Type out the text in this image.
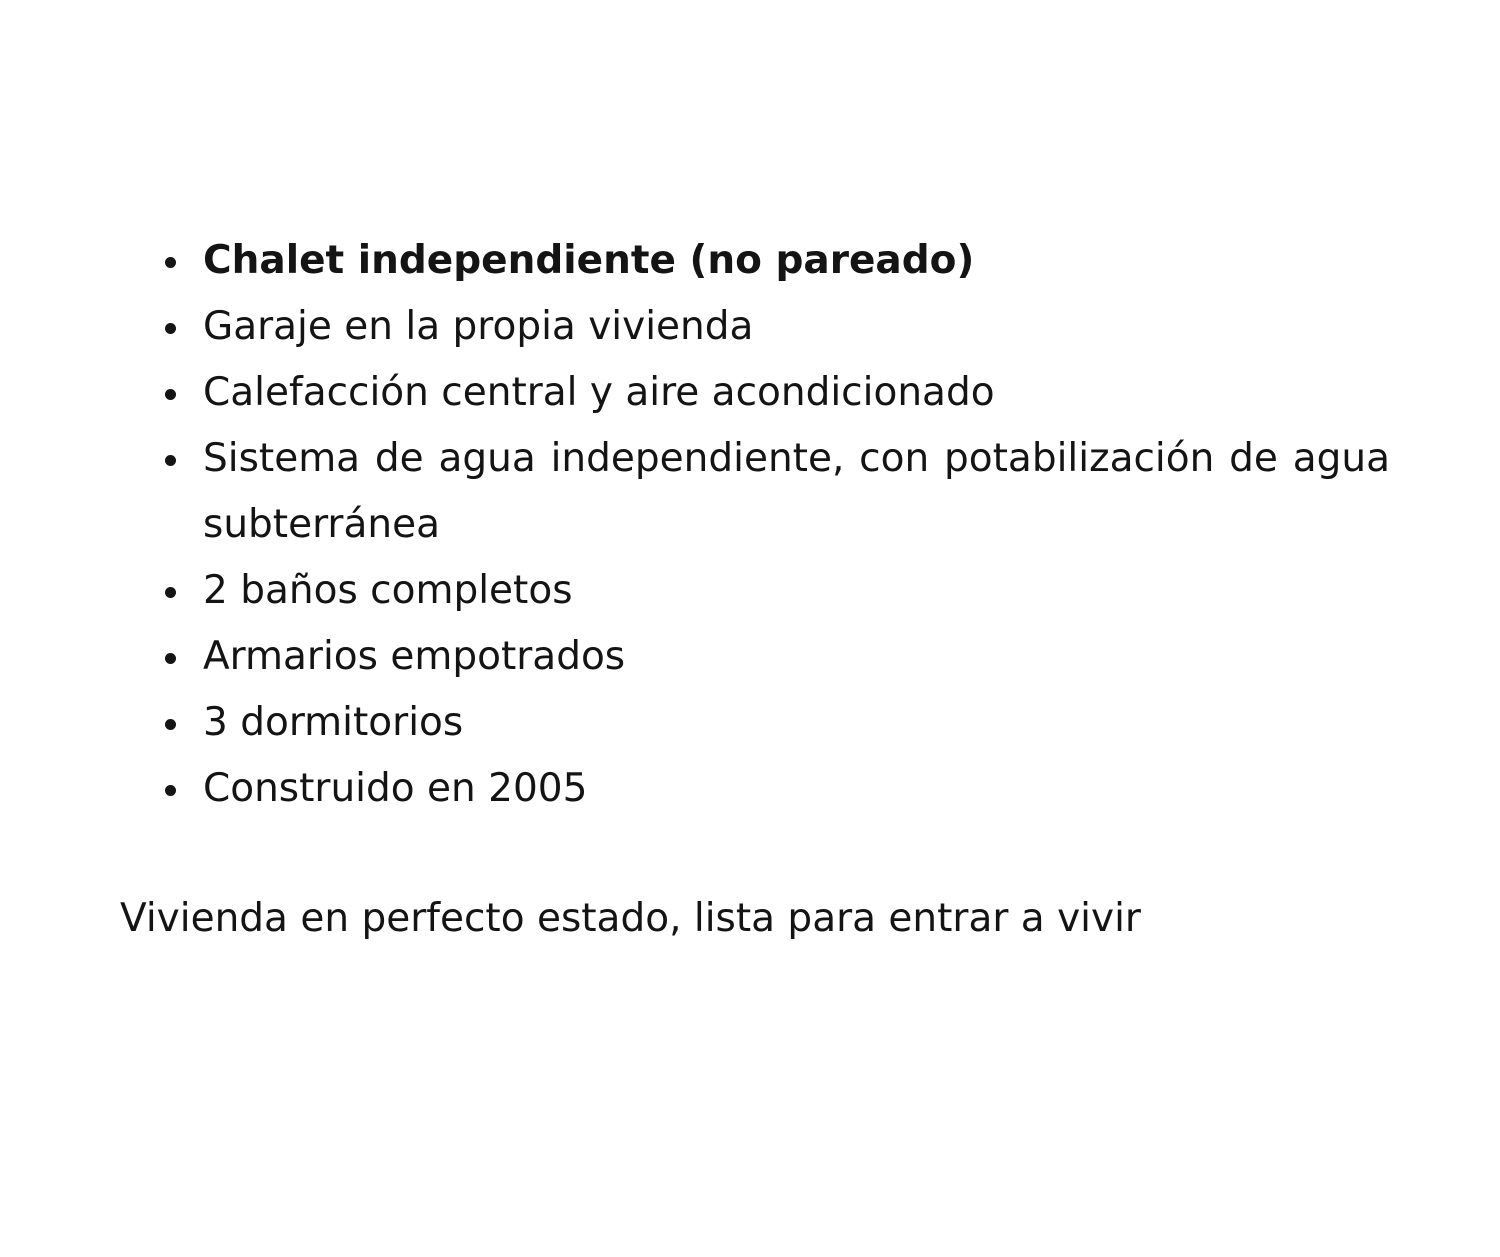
Chalet independiente (no pareado)
Garaje en la propia vivienda
Calefacción central y aire acondicionado
Sistema de agua independiente, con potabilización de agua subterránea
2 baños completos
Armarios empotrados
3 dormitorios
Construido en 2005

Vivienda en perfecto estado, lista para entrar a vivir
